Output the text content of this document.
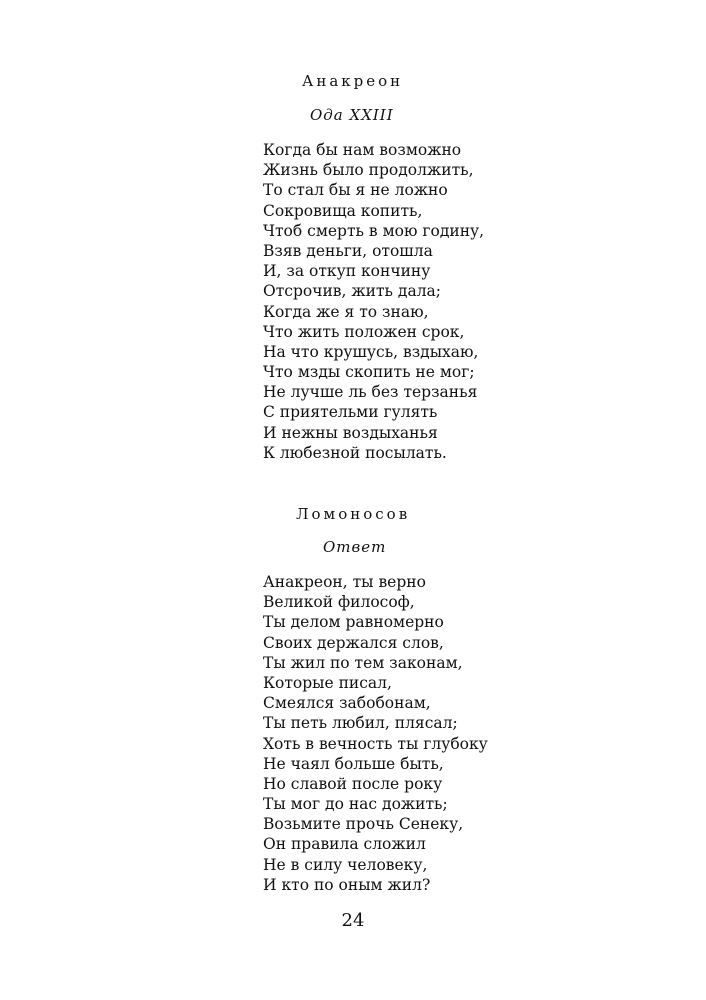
Анакреон
Ода XXIII
Когда бы нам возможно
Жизнь было продолжить,
То стал бы я не ложно
Сокровища копить,
Чтоб смерть в мою годину,
Взяв деньги, отошла
И, за откуп кончину
Отсрочив, жить дала;
Когда же я то знаю,
Что жить положен срок,
На что крушусь, вздыхаю,
Что мзды скопить не мог;
Не лучше ль без терзанья
С приятельми гулять
И нежны воздыханья
К любезной посылать.
Ломоносов
Ответ
Анакреон, ты верно
Великой философ,
Ты делом равномерно
Своих держался слов,
Ты жил по тем законам,
Которые писал,
Смеялся забобонам,
Ты петь любил, плясал;
Хоть в вечность ты глубоку
Не чаял больше быть,
Но славой после року
Ты мог до нас дожить;
Возьмите прочь Сенеку,
Он правила сложил
Не в силу человеку,
И кто по оным жил?
24
